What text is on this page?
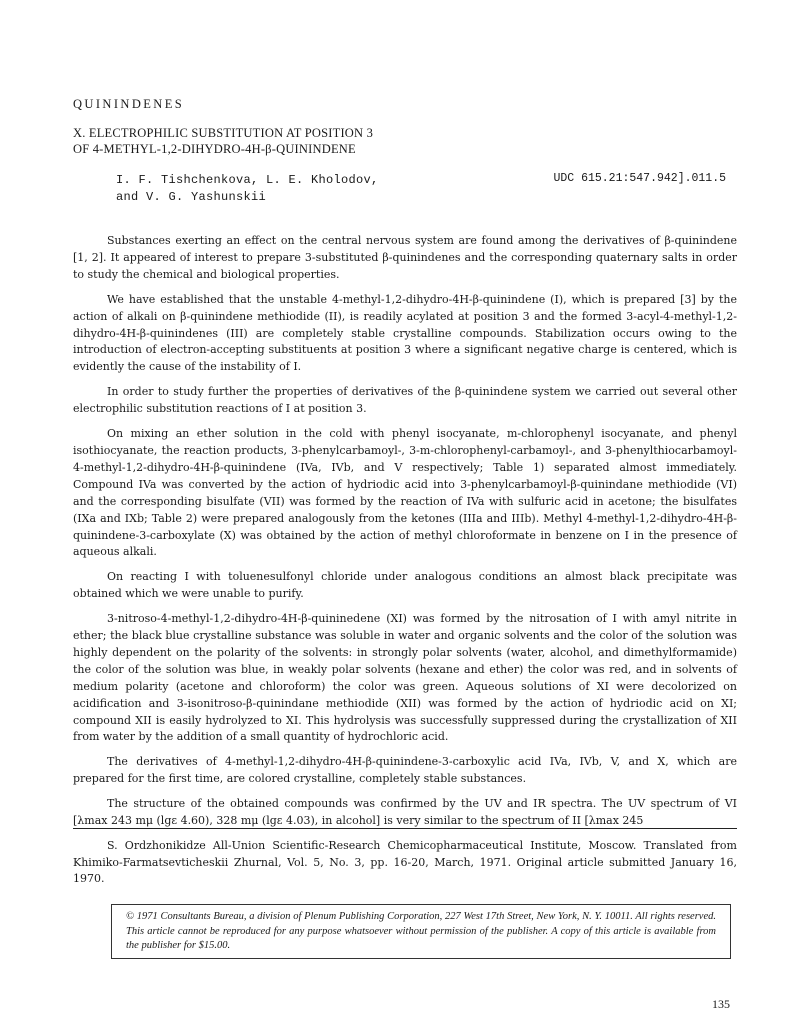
QUININDENES
X. ELECTROPHILIC SUBSTITUTION AT POSITION 3
OF 4-METHYL-1,2-DIHYDRO-4H-β-QUININDENE
I. F. Tishchenkova, L. E. Kholodov,
and V. G. Yashunskii
UDC 615.21:547.942].011.5

Substances exerting an effect on the central nervous system are found among the derivatives of β-quinindene [1, 2]. It appeared of interest to prepare 3-substituted β-quinindenes and the corresponding quaternary salts in order to study the chemical and biological properties.

We have established that the unstable 4-methyl-1,2-dihydro-4H-β-quinindene (I), which is prepared [3] by the action of alkali on β-quinindene methiodide (II), is readily acylated at position 3 and the formed 3-acyl-4-methyl-1,2-dihydro-4H-β-quinindenes (III) are completely stable crystalline compounds. Stabilization occurs owing to the introduction of electron-accepting substituents at position 3 where a significant negative charge is centered, which is evidently the cause of the instability of I.

In order to study further the properties of derivatives of the β-quinindene system we carried out several other electrophilic substitution reactions of I at position 3.

On mixing an ether solution in the cold with phenyl isocyanate, m-chlorophenyl isocyanate, and phenyl isothiocyanate, the reaction products, 3-phenylcarbamoyl-, 3-m-chlorophenyl-carbamoyl-, and 3-phenylthiocarbamoyl-4-methyl-1,2-dihydro-4H-β-quinindene (IVa, IVb, and V respectively; Table 1) separated almost immediately. Compound IVa was converted by the action of hydriodic acid into 3-phenylcarbamoyl-β-quinindane methiodide (VI) and the corresponding bisulfate (VII) was formed by the reaction of IVa with sulfuric acid in acetone; the bisulfates (IXa and IXb; Table 2) were prepared analogously from the ketones (IIIa and IIIb). Methyl 4-methyl-1,2-dihydro-4H-β-quinindene-3-carboxylate (X) was obtained by the action of methyl chloroformate in benzene on I in the presence of aqueous alkali.

On reacting I with toluenesulfonyl chloride under analogous conditions an almost black precipitate was obtained which we were unable to purify.

3-nitroso-4-methyl-1,2-dihydro-4H-β-quininedene (XI) was formed by the nitrosation of I with amyl nitrite in ether; the black blue crystalline substance was soluble in water and organic solvents and the color of the solution was highly dependent on the polarity of the solvents: in strongly polar solvents (water, alcohol, and dimethylformamide) the color of the solution was blue, in weakly polar solvents (hexane and ether) the color was red, and in solvents of medium polarity (acetone and chloroform) the color was green. Aqueous solutions of XI were decolorized on acidification and 3-isonitroso-β-quinindane methiodide (XII) was formed by the action of hydriodic acid on XI; compound XII is easily hydrolyzed to XI. This hydrolysis was successfully suppressed during the crystallization of XII from water by the addition of a small quantity of hydrochloric acid.

The derivatives of 4-methyl-1,2-dihydro-4H-β-quinindene-3-carboxylic acid IVa, IVb, V, and X, which are prepared for the first time, are colored crystalline, completely stable substances.

The structure of the obtained compounds was confirmed by the UV and IR spectra. The UV spectrum of VI [λmax 243 mμ (lgε 4.60), 328 mμ (lgε 4.03), in alcohol] is very similar to the spectrum of II [λmax 245

S. Ordzhonikidze All-Union Scientific-Research Chemicopharmaceutical Institute, Moscow. Translated from Khimiko-Farmatsevticheskii Zhurnal, Vol. 5, No. 3, pp. 16-20, March, 1971. Original article submitted January 16, 1970.

© 1971 Consultants Bureau, a division of Plenum Publishing Corporation, 227 West 17th Street, New York, N. Y. 10011. All rights reserved. This article cannot be reproduced for any purpose whatsoever without permission of the publisher. A copy of this article is available from the publisher for $15.00.

135
